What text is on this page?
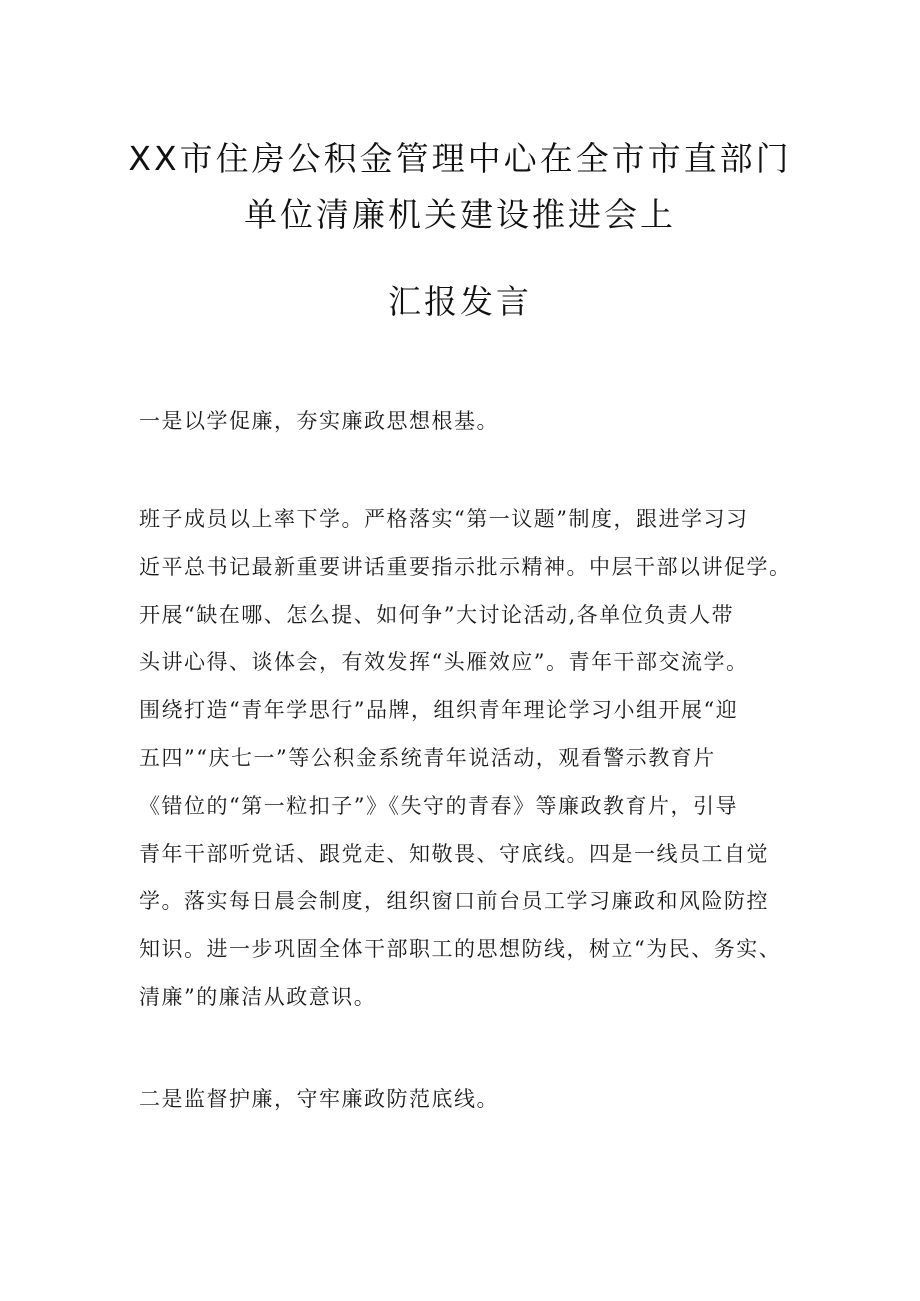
XX市住房公积金管理中心在全市市直部门
单位清廉机关建设推进会上
汇报发言
一是以学促廉，夯实廉政思想根基。
班子成员以上率下学。严格落实“第一议题”制度，跟进学习习
近平总书记最新重要讲话重要指示批示精神。中层干部以讲促学。
开展“缺在哪、怎么提、如何争”大讨论活动,各单位负责人带
头讲心得、谈体会，有效发挥“头雁效应”。青年干部交流学。
围绕打造“青年学思行”品牌，组织青年理论学习小组开展“迎
五四”“庆七一”等公积金系统青年说活动，观看警示教育片
《错位的“第一粒扣子”》《失守的青春》等廉政教育片，引导
青年干部听党话、跟党走、知敬畏、守底线。四是一线员工自觉
学。落实每日晨会制度，组织窗口前台员工学习廉政和风险防控
知识。进一步巩固全体干部职工的思想防线，树立“为民、务实、
清廉”的廉洁从政意识。
二是监督护廉，守牢廉政防范底线。
